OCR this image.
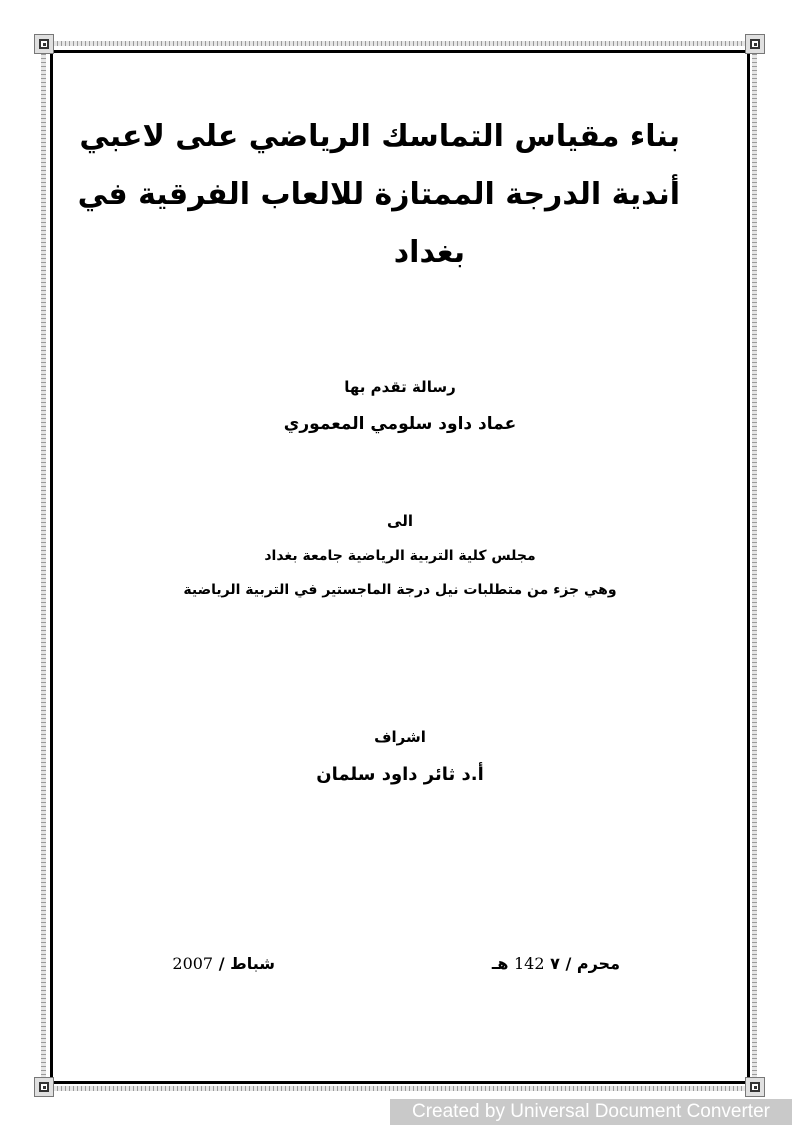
بناء مقياس التماسك الرياضي على لاعبي
أندية الدرجة الممتازة للالعاب الفرقية في
بغداد
رسالة تقدم بها
عماد داود سلومي المعموري
الى
مجلس كلية التربية الرياضية جامعة بغداد
وهي جزء من متطلبات نيل درجة الماجستير في التربية الرياضية
اشراف
أ.د ثائر داود سلمان
محرم / ٧ 142 هـ
شباط / 2007
Created by Universal Document Converter
